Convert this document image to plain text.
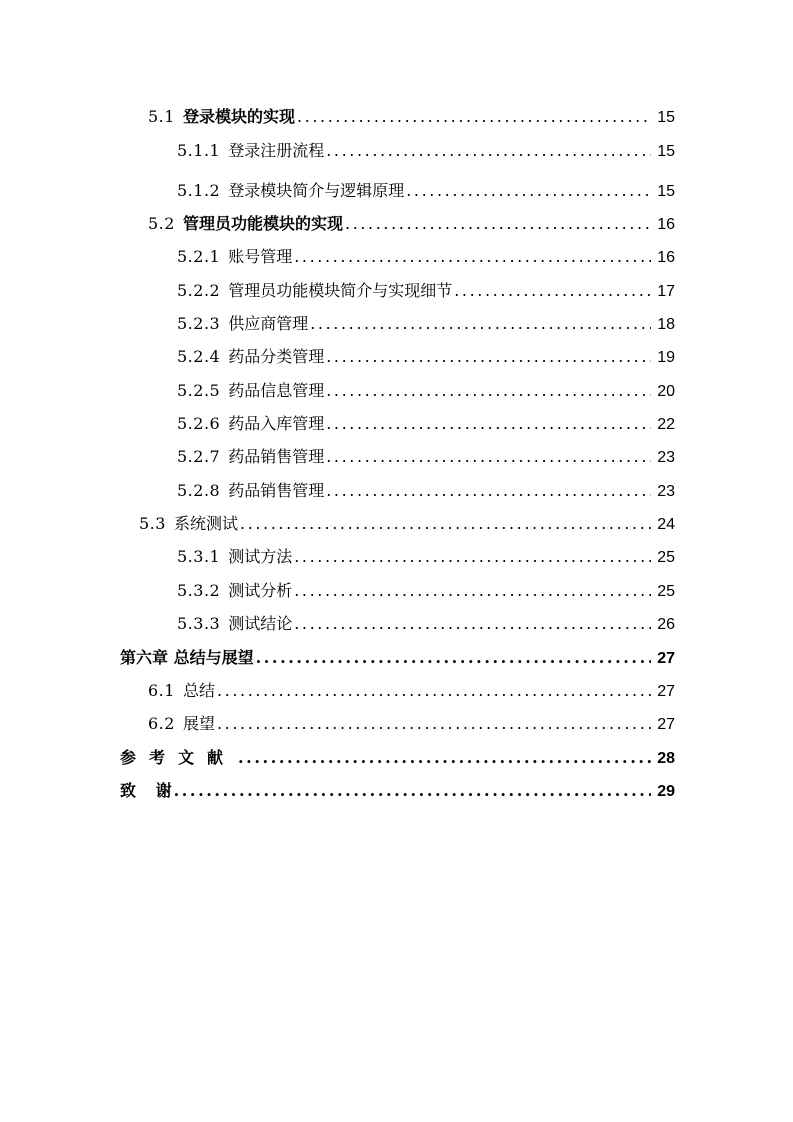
5.1 登录模块的实现 .....	15
5.1.1 登录注册流程 .....	15
5.1.2 登录模块简介与逻辑原理 .....	15
5.2 管理员功能模块的实现 .....	16
5.2.1 账号管理 .....	16
5.2.2 管理员功能模块简介与实现细节 .....	17
5.2.3 供应商管理 .....	18
5.2.4 药品分类管理 .....	19
5.2.5 药品信息管理 .....	20
5.2.6 药品入库管理 .....	22
5.2.7 药品销售管理 .....	23
5.2.8 药品销售管理 .....	23
5.3 系统测试 .....	24
5.3.1 测试方法 .....	25
5.3.2 测试分析 .....	25
5.3.3 测试结论 .....	26
第六章 总结与展望 .....	27
6.1 总结 .....	27
6.2 展望 .....	27
参考文献 .....	28
致 谢 .....	29
